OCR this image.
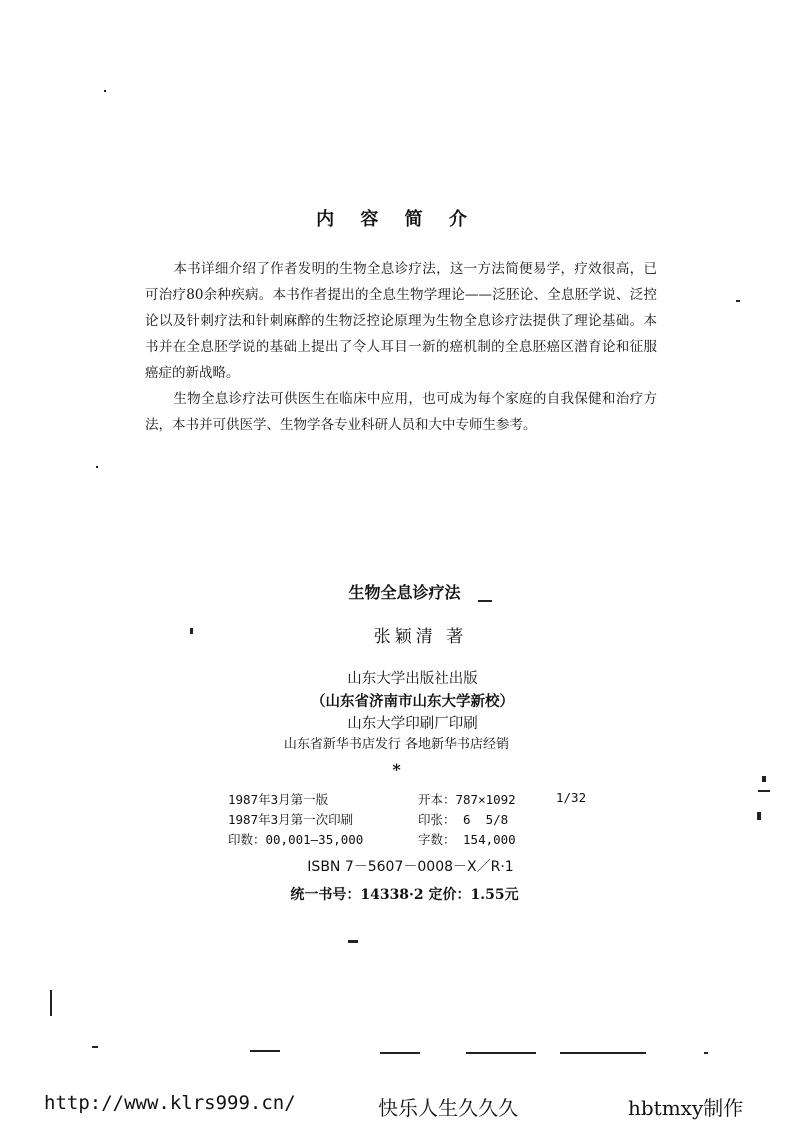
内 容 简 介
本书详细介绍了作者发明的生物全息诊疗法，这一方法简便易学，疗效很高，已可治疗80余种疾病。本书作者提出的全息生物学理论——泛胚论、全息胚学说、泛控论以及针刺疗法和针刺麻醉的生物泛控论原理为生物全息诊疗法提供了理论基础。本书并在全息胚学说的基础上提出了令人耳目一新的癌机制的全息胚癌区潜育论和征服癌症的新战略。
生物全息诊疗法可供医生在临床中应用，也可成为每个家庭的自我保健和治疗方法，本书并可供医学、生物学各专业科研人员和大中专师生参考。
生物全息诊疗法
张颖清 著
山东大学出版社出版
（山东省济南市山东大学新校）
山东大学印刷厂印刷
山东省新华书店发行 各地新华书店经销
*
1987年3月第一版	开本：787×1092	1/32
1987年3月第一次印刷	印张： 6  5/8
印数：00,001—35,000	字数： 154,000
ISBN 7－5607－0008－X／R·1
统一书号：14338·2 定价：1.55元
http://www.klrs999.cn/	快乐人生久久久	hbtmxy制作
